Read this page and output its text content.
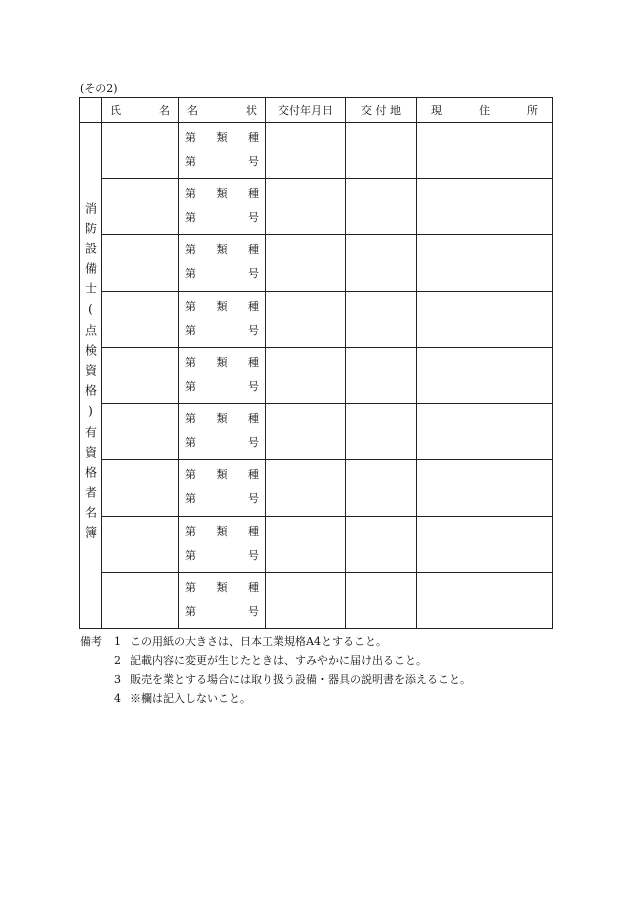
(その2)

	氏 名	名 状	交付年月日	交 付 地	現 住 所

消防設備士(点検資格)有資格者名簿		第 類 種
第 号			

		第 類 種
第 号			

		第 類 種
第 号			

		第 類 種
第 号			

		第 類 種
第 号			

		第 類 種
第 号			

		第 類 種
第 号			

		第 類 種
第 号			

		第 類 種
第 号			

備考	1 この用紙の大きさは、日本工業規格A4とすること。
2 記載内容に変更が生じたときは、すみやかに届け出ること。
3 販売を業とする場合には取り扱う設備・器具の説明書を添えること。
4 ※欄は記入しないこと。
